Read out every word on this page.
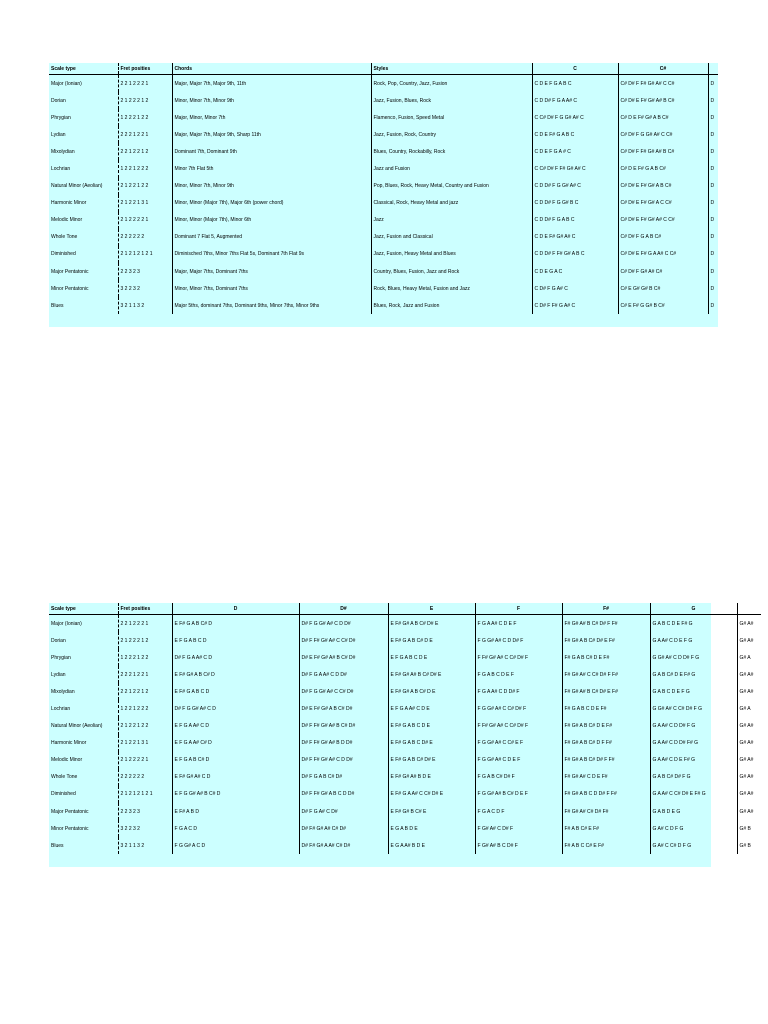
Scale type	Fret posities	Chords	Styles	C	C#	
Major (Ionian)	2 2 1 2 2 2 1	Major, Major 7th, Major 9th, 11th	Rock, Pop, Country, Jazz, Fusion	C D E F G A B C	C# D# F F# G# A# C C#	D
Dorian	2 1 2 2 2 1 2	Minor, Minor 7th, Minor 9th	Jazz, Fusion, Blues, Rock	C D D# F G A A# C	C# D# E F# G# A# B C#	D
Phrygian	1 2 2 2 1 2 2	Major, Minor, Minor 7th	Flamenco, Fusion, Speed Metal	C C# D# F G G# A# C	C# D E F# G# A B C#	D
Lydian	2 2 2 1 2 2 1	Major, Major 7th, Major 9th, Sharp 11th	Jazz, Fusion, Rock, Country	C D E F# G A B C	C# D# F G G# A# C C#	D
Mixolydian	2 2 1 2 2 1 2	Dominant 7th, Dominant 9th	Blues, Country, Rockabilly, Rock	C D E F G A # C	C# D# F F# G# A# B C#	D
Lochrian	1 2 2 1 2 2 2	Minor 7th Flat 5th	Jazz and Fusion	C C# D# F F# G# A# C	C# D E F# G A B C#	D
Natural Minor (Aeolian)	2 1 2 2 1 2 2	Minor, Minor 7th, Minor 9th	Pop, Blues, Rock, Heavy Metal, Country and Fusion	C D D# F G G# A# C	C# D# E F# G# A B C#	D
Harmonic Minor	2 1 2 2 1 3 1	Minor, Minor (Major 7th), Major 6th (power chord)	Classical, Rock, Heavy Metal and jazz	C D D# F G G# B C	C# D# E F# G# A C C#	D
Melodic Minor	2 1 2 2 2 2 1	Minor, Minor (Major 7th), Minor 6th	Jazz	C D D# F G A B C	C# D# E F# G# A# C C#	D
Whole Tone	2 2 2 2 2 2	Dominant 7 Flat 5, Augmented	Jazz, Fusion and Classical	C D E F# G# A# C	C# D# F G A B C#	D
Diminished	2 1 2 1 2 1 2 1	Diminisched 7ths, Minor 7ths Flat 5s, Dominant 7th Flat 9s	Jazz, Fusion, Heavy Metal and Blues	C D D# F F# G# A B C	C# D# E F# G A A# C C#	D
Major Pentatonic	2 2 3 2 3	Major, Major 7ths, Dominant 7ths	Country, Blues, Fusion, Jazz and Rock	C D E G A C	C# D# F G# A# C#	D
Minor Pentatonic	3 2 2 3 2	Minor, Minor 7ths, Dominant 7ths	Rock, Blues, Heavy Metal, Fusion and Jazz	C D# F G A# C	C# E G# G# B C#	D
Blues	3 2 1 1 3 2	Major 5ths, dominant 7ths, Dominant 9ths, Minor 7ths, Minor 9ths	Blues, Rock, Jazz and Fusion	C D# F F# G A# C	C# E F# G G# B C#	D
Scale type	Fret posities	D	D#	E	F	F#	G	
Major (Ionian)	2 2 1 2 2 2 1	E F# G A B C# D	D# F G G# A# C D D#	E F# G# A B C# D# E	F G A A# C D E F	F# G# A# B C# D# F F#	G A B C D E F# G	G# A#
Dorian	2 1 2 2 2 1 2	E F G A B C D	D# F F# G# A# C C# D#	E F# G A B C# D E	F G G# A# C D D# F	F# G# A B C# D# E F#	G A A# C D E F G	G# A#
Phrygian	1 2 2 2 1 2 2	D# F G A A# C D	D# E F# G# A# B C# D#	E F G A B C D E	F F# G# A# C C# D# F	F# G A B C# D E F#	G G# A# C D D# F G	G# A
Lydian	2 2 2 1 2 2 1	E F# G# A B C# D	D# F G A A# C D D#	E F# G# A# B C# D# E	F G A B C D E F	F# G# A# C C# D# F F#	G A B C# D E F# G	G# A#
Mixolydian	2 2 1 2 2 1 2	E F# G A B C D	D# F G G# A# C C# D#	E F# G# A B C# D E	F G A A# C D D# F	F# G# A# B C# D# E F#	G A B C D E F G	G# A#
Lochrian	1 2 2 1 2 2 2	D# F G G# A# C D	D# E F# G# A B C# D#	E F G A A# C D E	F G G# A# C C# D# F	F# G A B C D E F#	G G# A# C C# D# F G	G# A
Natural Minor (Aeolian)	2 1 2 2 1 2 2	E F G A A# C D	D# F F# G# A# B C# D#	E F# G A B C D E	F F# G# A# C C# D# F	F# G# A B C# D E F#	G A A# C D D# F G	G# A#
Harmonic Minor	2 1 2 2 1 3 1	E F G A A# C# D	D# F F# G# A# B D D#	E F# G A B C D# E	F G G# A# C C# E F	F# G# A B C# D F F#	G A A# C D D# F# G	G# A#
Melodic Minor	2 1 2 2 2 2 1	E F G A B C# D	D# F F# G# A# C D D#	E F# G A B C# D# E	F G G# A# C D E F	F# G# A B C# D# F F#	G A A# C D E F# G	G# A#
Whole Tone	2 2 2 2 2 2	E F# G# A# C D	D# F G A B C# D#	E F# G# A# B D E	F G A B C# D# F	F# G# A# C D E F#	G A B C# D# F G	G# A#
Diminished	2 1 2 1 2 1 2 1	E F G G# A# B C# D	D# F F# G# A B C D D#	E F# G A A# C C# D# E	F G G# A# B C# D E F	F# G# A B C D D# F F#	G A A# C C# D# E F# G	G# A#
Major Pentatonic	2 2 3 2 3	E F# A B D	D# F G A# C D#	E F# G# B C# E	F G A C D F	F# G# A# C# D# F#	G A B D E G	G# A#
Minor Pentatonic	3 2 2 3 2	F G A C D	D# F# G# A# C# D#	E G A B D E	F G# A# C D# F	F# A B C# E F#	G A# C D F G	G# B
Blues	3 2 1 1 3 2	F G G# A C D	D# F# G# A A# C# D#	E G A A# B D E	F G# A# B C D# F	F# A B C C# E F#	G A# C C# D F G	G# B
